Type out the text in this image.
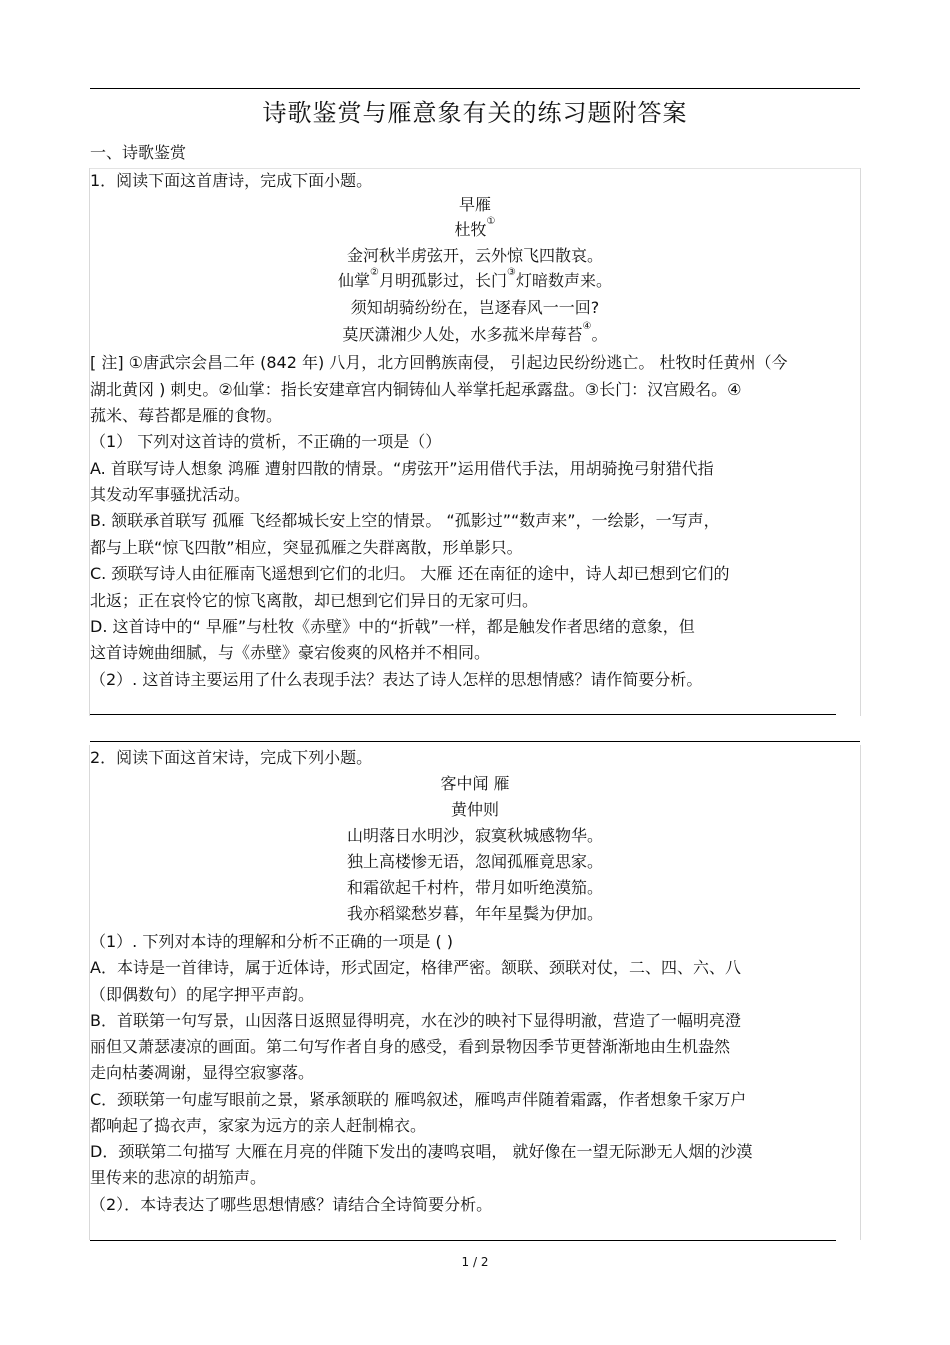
诗歌鉴赏与雁意象有关的练习题附答案
一、诗歌鉴赏
1．阅读下面这首唐诗，完成下面小题。
早雁
杜牧①
金河秋半虏弦开，云外惊飞四散哀。
仙掌②月明孤影过，长门③灯暗数声来。
须知胡骑纷纷在，岂逐春风一一回?
莫厌潇湘少人处，水多菰米岸莓苔④。
[ 注] ①唐武宗会昌二年 (842 年) 八月，北方回鹘族南侵， 引起边民纷纷逃亡。 杜牧时任黄州（今
湖北黄冈 ) 刺史。②仙掌：指长安建章宫内铜铸仙人举掌托起承露盘。③长门：汉宫殿名。④
菰米、莓苔都是雁的食物。
（1） 下列对这首诗的赏析，不正确的一项是（）
A. 首联写诗人想象 鸿雁 遭射四散的情景。“虏弦开”运用借代手法，用胡骑挽弓射猎代指
其发动军事骚扰活动。
B. 颔联承首联写 孤雁 飞经都城长安上空的情景。 “孤影过”“数声来”，一绘影，一写声，
都与上联“惊飞四散”相应，突显孤雁之失群离散，形单影只。
C. 颈联写诗人由征雁南飞遥想到它们的北归。 大雁 还在南征的途中，诗人却已想到它们的
北返；正在哀怜它的惊飞离散，却已想到它们异日的无家可归。
D. 这首诗中的“ 早雁”与杜牧《赤壁》中的“折戟”一样，都是触发作者思绪的意象，但
这首诗婉曲细腻，与《赤壁》豪宕俊爽的风格并不相同。
（2）. 这首诗主要运用了什么表现手法？表达了诗人怎样的思想情感？请作简要分析。
2．阅读下面这首宋诗，完成下列小题。
客中闻 雁
黄仲则
山明落日水明沙，寂寞秋城感物华。
独上高楼惨无语，忽闻孤雁竟思家。
和霜欲起千村杵，带月如听绝漠笳。
我亦稻粱愁岁暮，年年星鬓为伊加。
（1）. 下列对本诗的理解和分析不正确的一项是 ( )
A．本诗是一首律诗，属于近体诗，形式固定，格律严密。颔联、颈联对仗，二、四、六、八
（即偶数句）的尾字押平声韵。
B．首联第一句写景，山因落日返照显得明亮，水在沙的映衬下显得明澈，营造了一幅明亮澄
丽但又萧瑟凄凉的画面。第二句写作者自身的感受，看到景物因季节更替渐渐地由生机盎然
走向枯萎凋谢，显得空寂寥落。
C．颈联第一句虚写眼前之景，紧承颔联的 雁鸣叙述，雁鸣声伴随着霜露，作者想象千家万户
都响起了捣衣声，家家为远方的亲人赶制棉衣。
D．颈联第二句描写 大雁在月亮的伴随下发出的凄鸣哀唱， 就好像在一望无际渺无人烟的沙漠
里传来的悲凉的胡笳声。
（2）．本诗表达了哪些思想情感？请结合全诗简要分析。
1 / 2
